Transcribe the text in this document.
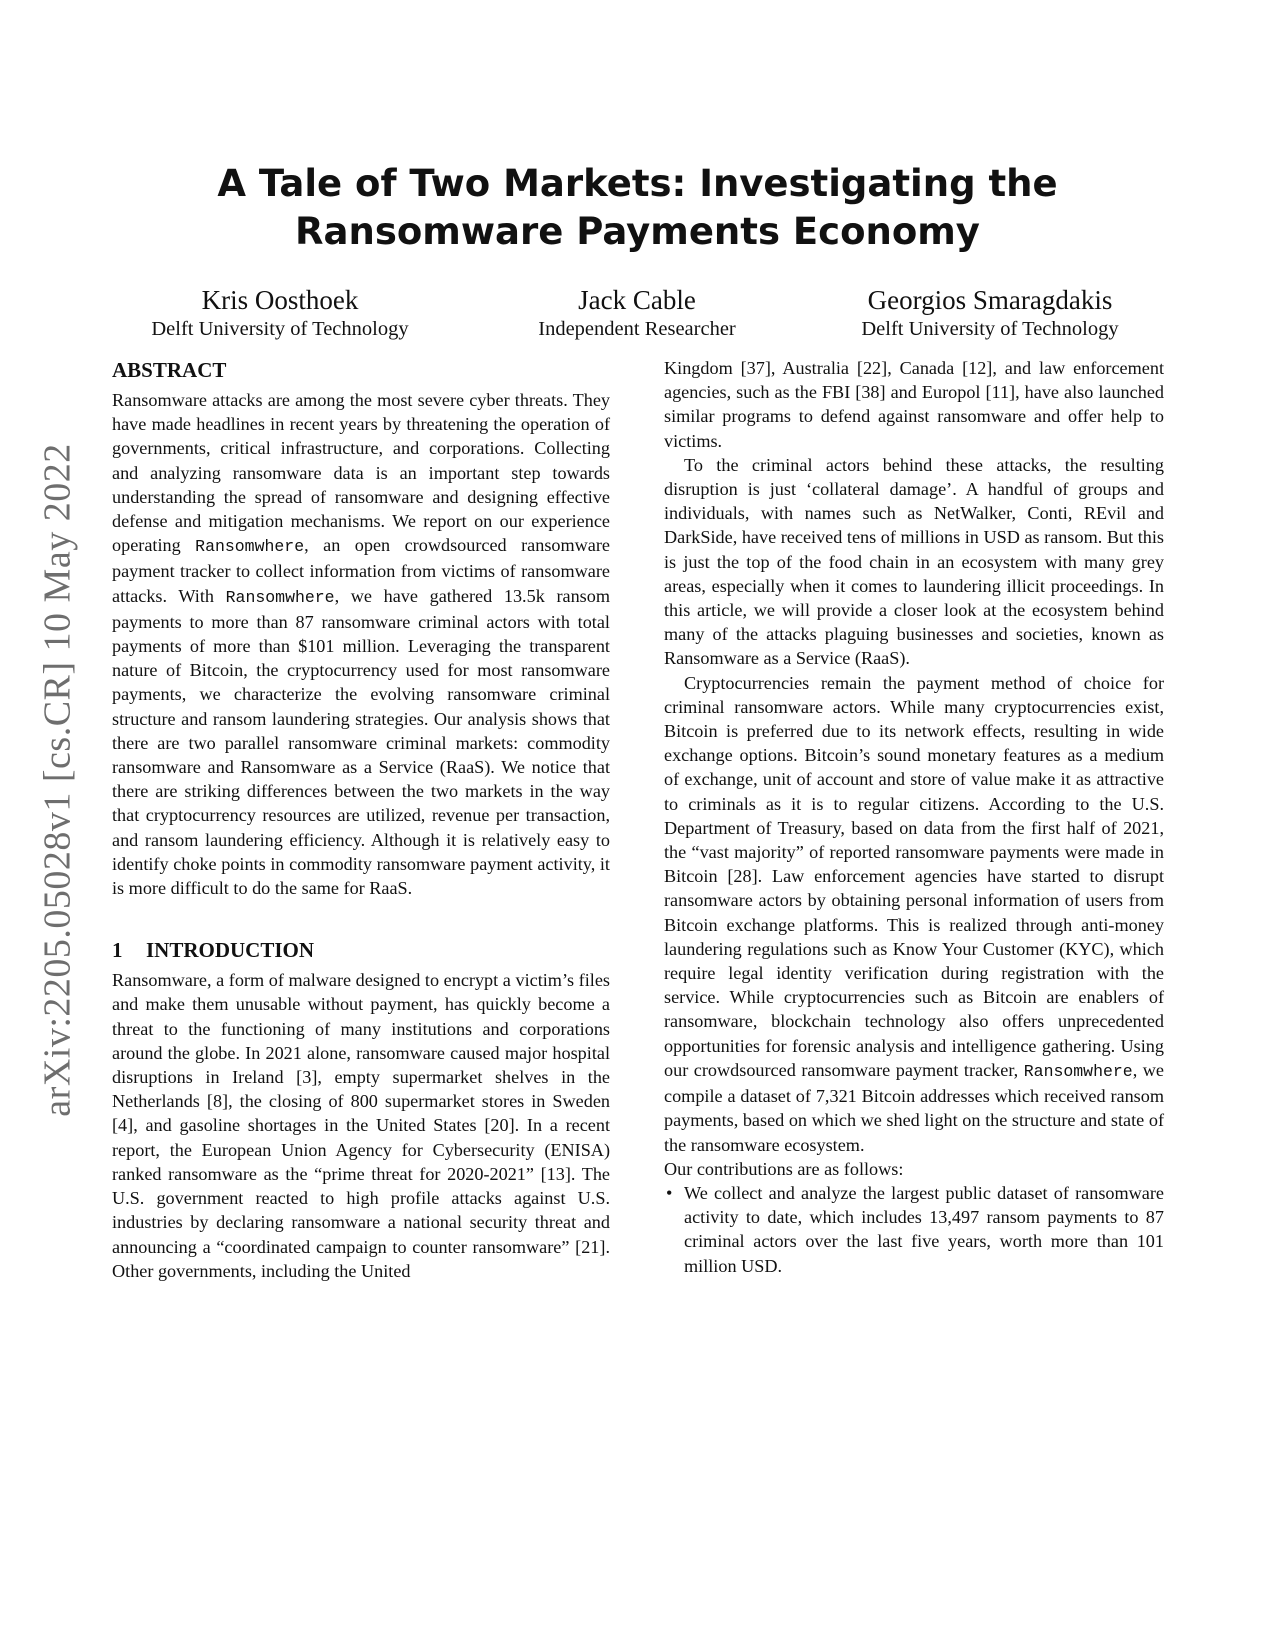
arXiv:2205.05028v1 [cs.CR] 10 May 2022
A Tale of Two Markets: Investigating the Ransomware Payments Economy
Kris Oosthoek
Delft University of Technology
Jack Cable
Independent Researcher
Georgios Smaragdakis
Delft University of Technology
ABSTRACT

Ransomware attacks are among the most severe cyber threats. They have made headlines in recent years by threatening the operation of governments, critical infrastructure, and corporations. Collecting and analyzing ransomware data is an important step towards understanding the spread of ransomware and designing effective defense and mitigation mechanisms. We report on our experience operating Ransomwhere, an open crowdsourced ransomware payment tracker to collect information from victims of ransomware attacks. With Ransomwhere, we have gathered 13.5k ransom payments to more than 87 ransomware criminal actors with total payments of more than $101 million. Leveraging the transparent nature of Bitcoin, the cryptocurrency used for most ransomware payments, we characterize the evolving ransomware criminal structure and ransom laundering strategies. Our analysis shows that there are two parallel ransomware criminal markets: commodity ransomware and Ransomware as a Service (RaaS). We notice that there are striking differences between the two markets in the way that cryptocurrency resources are utilized, revenue per transaction, and ransom laundering efficiency. Although it is relatively easy to identify choke points in commodity ransomware payment activity, it is more difficult to do the same for RaaS.

1 INTRODUCTION

Ransomware, a form of malware designed to encrypt a victim’s files and make them unusable without payment, has quickly become a threat to the functioning of many institutions and corporations around the globe. In 2021 alone, ransomware caused major hospital disruptions in Ireland [3], empty supermarket shelves in the Netherlands [8], the closing of 800 supermarket stores in Sweden [4], and gasoline shortages in the United States [20]. In a recent report, the European Union Agency for Cybersecurity (ENISA) ranked ransomware as the “prime threat for 2020-2021” [13]. The U.S. government reacted to high profile attacks against U.S. industries by declaring ransomware a national security threat and announcing a “coordinated campaign to counter ransomware” [21]. Other governments, including the United

Kingdom [37], Australia [22], Canada [12], and law enforcement agencies, such as the FBI [38] and Europol [11], have also launched similar programs to defend against ransomware and offer help to victims.

To the criminal actors behind these attacks, the resulting disruption is just ‘collateral damage’. A handful of groups and individuals, with names such as NetWalker, Conti, REvil and DarkSide, have received tens of millions in USD as ransom. But this is just the top of the food chain in an ecosystem with many grey areas, especially when it comes to laundering illicit proceedings. In this article, we will provide a closer look at the ecosystem behind many of the attacks plaguing businesses and societies, known as Ransomware as a Service (RaaS).

Cryptocurrencies remain the payment method of choice for criminal ransomware actors. While many cryptocurrencies exist, Bitcoin is preferred due to its network effects, resulting in wide exchange options. Bitcoin’s sound monetary features as a medium of exchange, unit of account and store of value make it as attractive to criminals as it is to regular citizens. According to the U.S. Department of Treasury, based on data from the first half of 2021, the “vast majority” of reported ransomware payments were made in Bitcoin [28]. Law enforcement agencies have started to disrupt ransomware actors by obtaining personal information of users from Bitcoin exchange platforms. This is realized through anti-money laundering regulations such as Know Your Customer (KYC), which require legal identity verification during registration with the service. While cryptocurrencies such as Bitcoin are enablers of ransomware, blockchain technology also offers unprecedented opportunities for forensic analysis and intelligence gathering. Using our crowdsourced ransomware payment tracker, Ransomwhere, we compile a dataset of 7,321 Bitcoin addresses which received ransom payments, based on which we shed light on the structure and state of the ransomware ecosystem.

Our contributions are as follows:

• We collect and analyze the largest public dataset of ransomware activity to date, which includes 13,497 ransom payments to 87 criminal actors over the last five years, worth more than 101 million USD.
